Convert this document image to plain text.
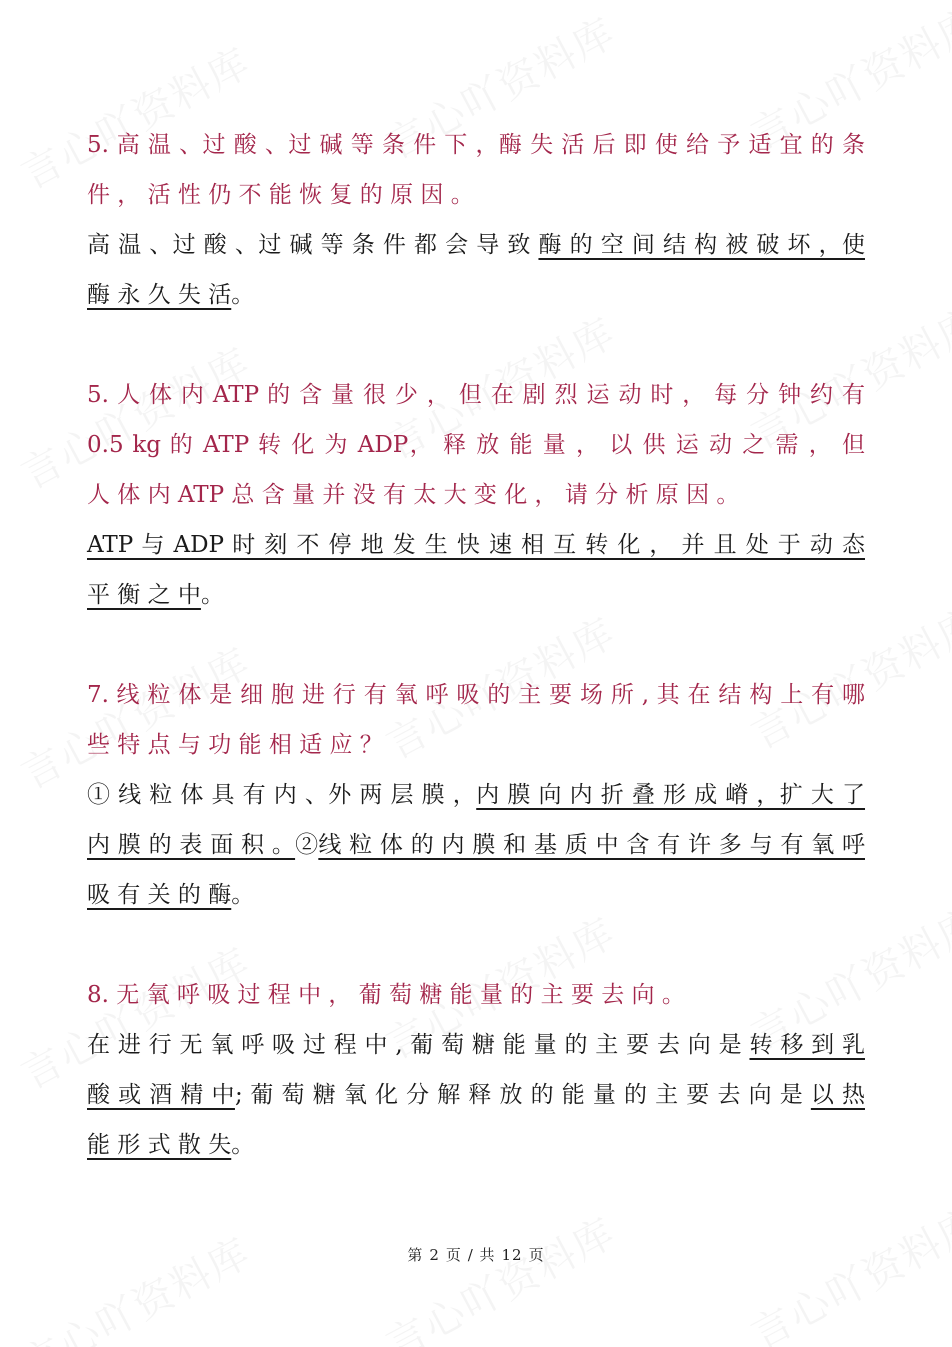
5. 高 温 、过 酸 、过 碱 等 条 件 下 ，酶 失 活 后 即 使 给 予 适 宜 的 条
件 ， 活 性 仍 不 能 恢 复 的 原 因 。
高 温 、过 酸 、过 碱 等 条 件 都 会 导 致 酶 的 空 间 结 构 被 破 坏 ，使
酶 永 久 失 活。
5. 人 体 内 ATP 的 含 量 很 少 ， 但 在 剧 烈 运 动 时 ， 每 分 钟 约 有
0.5 kg 的 ATP 转 化 为 ADP， 释 放 能 量 ， 以 供 运 动 之 需 ， 但
人 体 内 ATP 总 含 量 并 没 有 太 大 变 化 ， 请 分 析 原 因 。
ATP 与 ADP 时 刻 不 停 地 发 生 快 速 相 互 转 化 ， 并 且 处 于 动 态
平 衡 之 中。
7. 线 粒 体 是 细 胞 进 行 有 氧 呼 吸 的 主 要 场 所 , 其 在 结 构 上 有 哪
些 特 点 与 功 能 相 适 应 ？
① 线 粒 体 具 有 内 、外 两 层 膜 ，内 膜 向 内 折 叠 形 成 嵴 ，扩 大 了
内 膜 的 表 面 积 。②线 粒 体 的 内 膜 和 基 质 中 含 有 许 多 与 有 氧 呼
吸 有 关 的 酶。
8. 无 氧 呼 吸 过 程 中 ， 葡 萄 糖 能 量 的 主 要 去 向 。
在 进 行 无 氧 呼 吸 过 程 中 , 葡 萄 糖 能 量 的 主 要 去 向 是 转 移 到 乳
酸 或 酒 精 中; 葡 萄 糖 氧 化 分 解 释 放 的 能 量 的 主 要 去 向 是 以 热
能 形 式 散 失。
第 2 页 / 共 12 页
